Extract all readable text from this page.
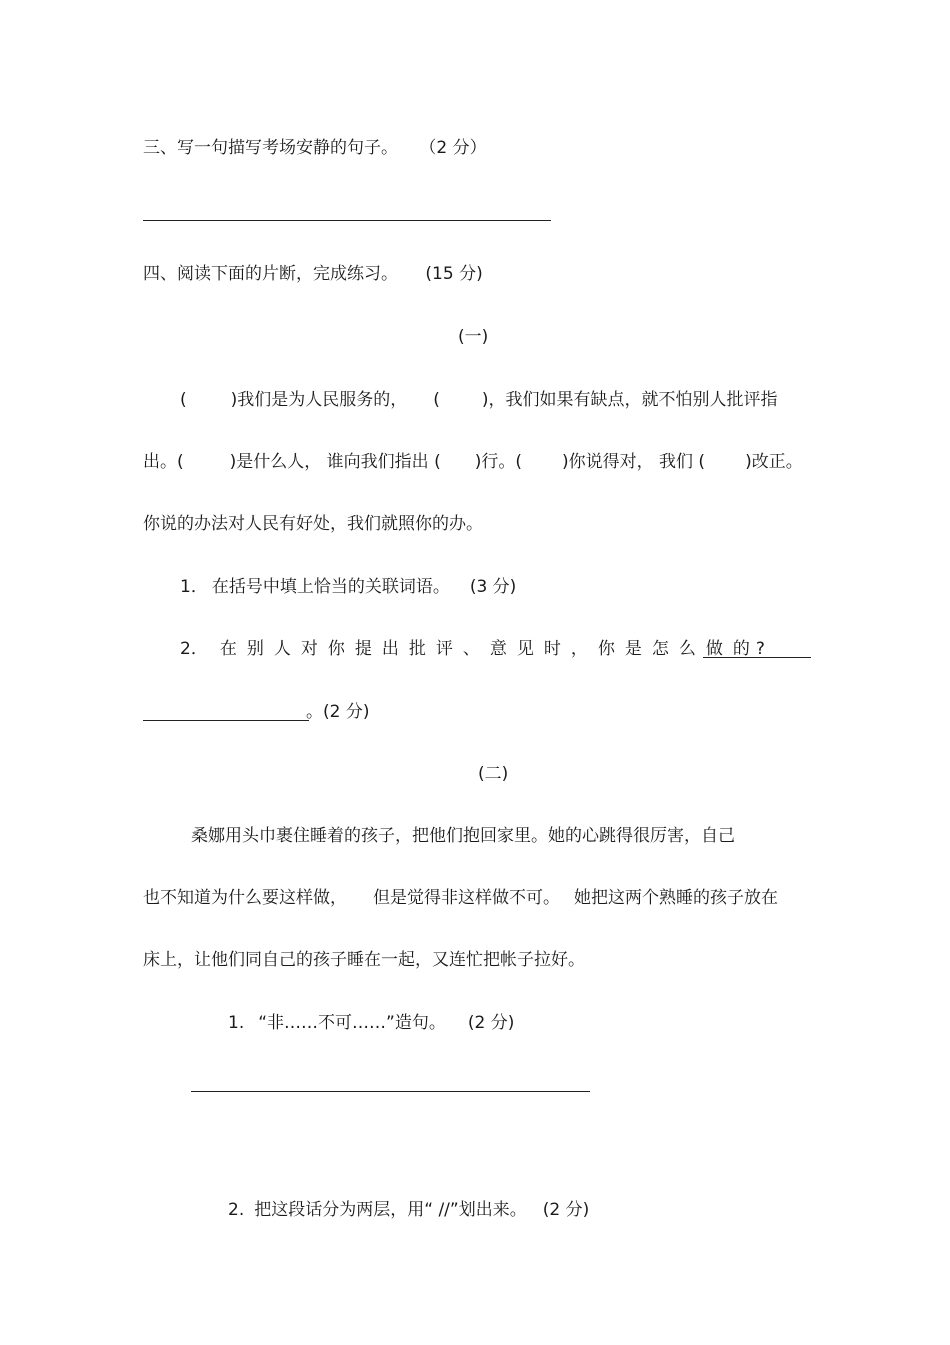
三、写一句描写考场安静的句子。 （2 分）
四、阅读下面的片断，完成练习。 (15 分)
(一)
(	)我们是为人民服务的， ( )，我们如果有缺点，就不怕别人批评指
出。(	)是什么人， 谁向我们指出 ( )行。( )你说得对， 我们 ( )改正。
你说的办法对人民有好处，我们就照你的办。
1． 在括号中填上恰当的关联词语。 (3 分)
2． 在 别 人 对 你 提 出 批 评 、 意 见 时 ， 你 是 怎 么 做 的 ?
。(2 分)
(二)
桑娜用头巾裹住睡着的孩子，把他们抱回家里。她的心跳得很厉害，自己
也不知道为什么要这样做， 但是觉得非这样做不可。 她把这两个熟睡的孩子放在
床上，让他们同自己的孩子睡在一起，又连忙把帐子拉好。
1. “非……不可……”造句。 (2 分)
2. 把这段话分为两层，用“ //”划出来。 (2 分)
